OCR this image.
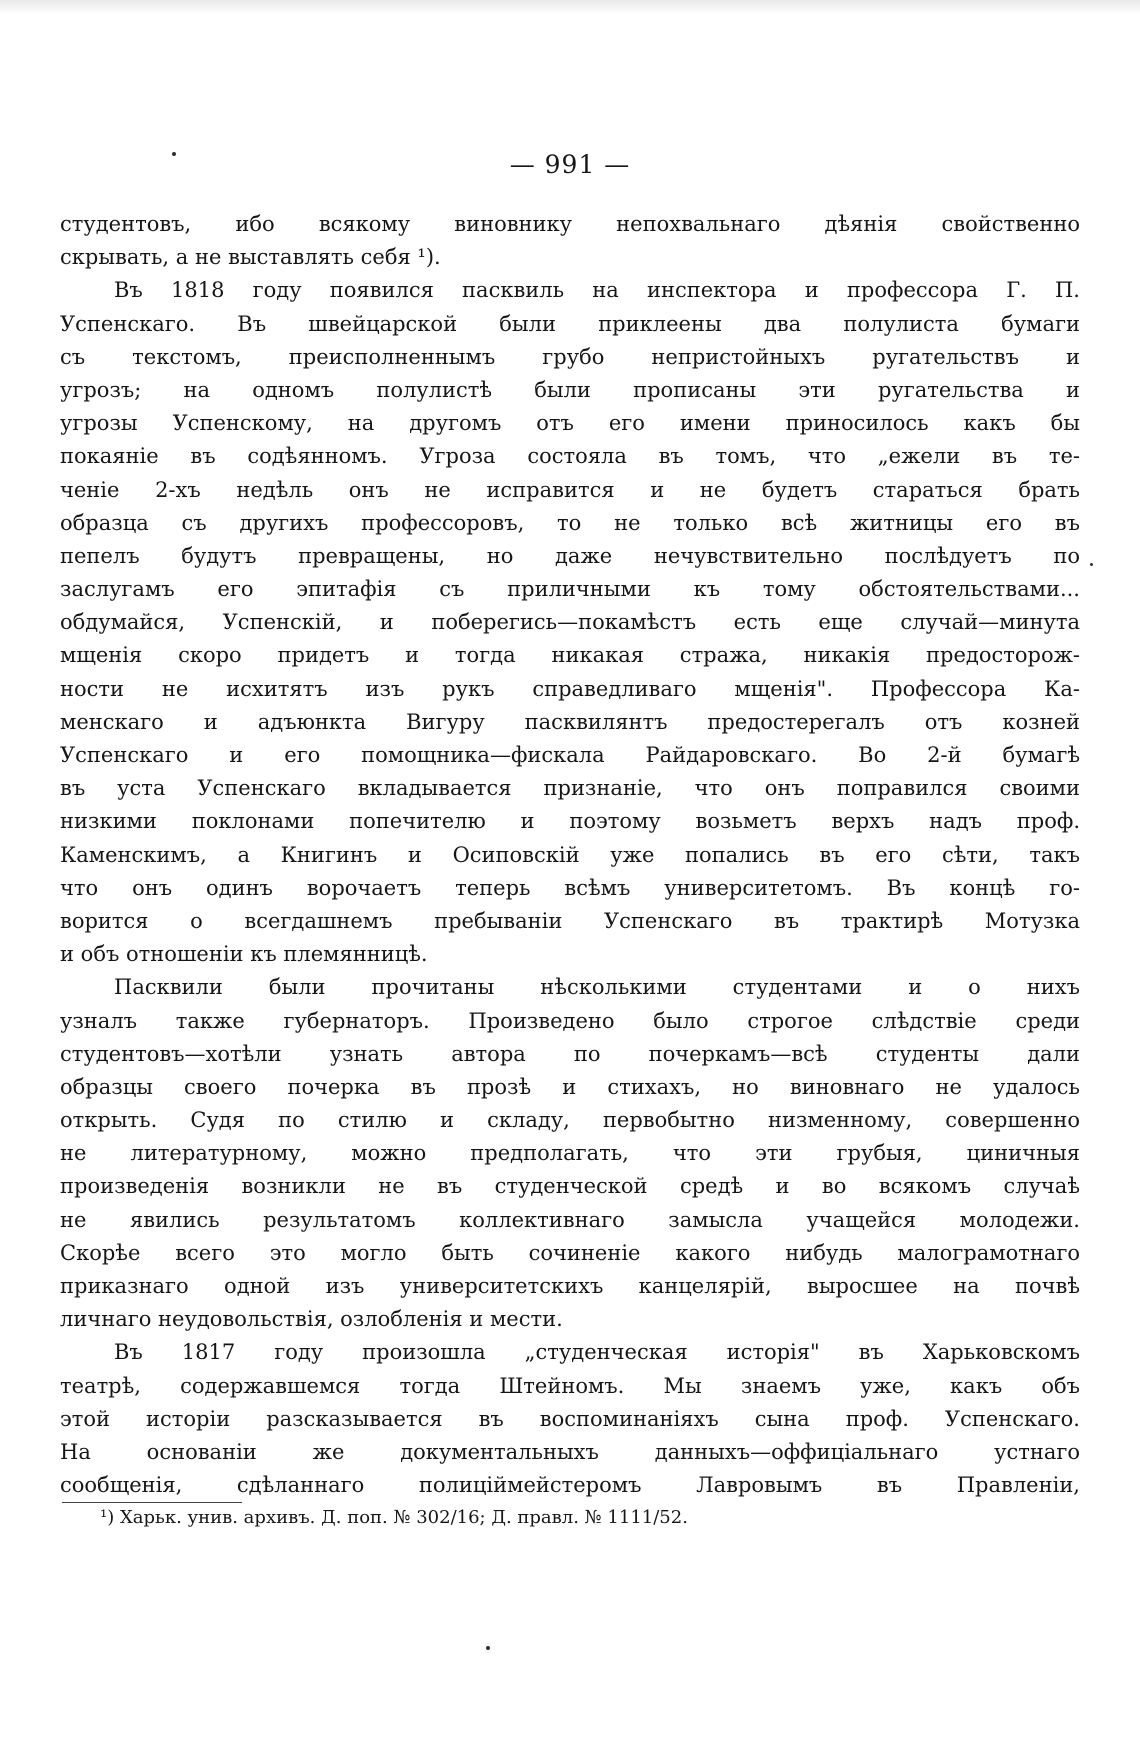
— 991 —
студентовъ, ибо всякому виновнику непохвальнаго дѣянія свойственно
скрывать, а не выставлять себя ¹).
Въ 1818 году появился пасквиль на инспектора и профессора Г. П.
Успенскаго. Въ швейцарской были приклеены два полулиста бумаги
съ текстомъ, преисполненнымъ грубо непристойныхъ ругательствъ и
угрозъ; на одномъ полулистѣ были прописаны эти ругательства и
угрозы Успенскому, на другомъ отъ его имени приносилось какъ бы
покаяніе въ содѣянномъ. Угроза состояла въ томъ, что „ежели въ те-
ченіе 2-хъ недѣль онъ не исправится и не будетъ стараться брать
образца съ другихъ профессоровъ, то не только всѣ житницы его въ
пепелъ будутъ превращены, но даже нечувствительно послѣдуетъ по
заслугамъ его эпитафія съ приличными къ тому обстоятельствами...
обдумайся, Успенскій, и поберегись—покамѣстъ есть еще случай—минута
мщенія скоро придетъ и тогда никакая стража, никакія предосторож-
ности не исхитятъ изъ рукъ справедливаго мщенія". Профессора Ка-
менскаго и адъюнкта Вигуру пасквилянтъ предостерегалъ отъ козней
Успенскаго и его помощника—фискала Райдаровскаго. Во 2-й бумагѣ
въ уста Успенскаго вкладывается признаніе, что онъ поправился своими
низкими поклонами попечителю и поэтому возьметъ верхъ надъ проф.
Каменскимъ, а Книгинъ и Осиповскій уже попались въ его сѣти, такъ
что онъ одинъ ворочаетъ теперь всѣмъ университетомъ. Въ концѣ го-
ворится о всегдашнемъ пребываніи Успенскаго въ трактирѣ Мотузка
и объ отношеніи къ племянницѣ.
Пасквили были прочитаны нѣсколькими студентами и о нихъ
узналъ также губернаторъ. Произведено было строгое слѣдствіе среди
студентовъ—хотѣли узнать автора по почеркамъ—всѣ студенты дали
образцы своего почерка въ прозѣ и стихахъ, но виновнаго не удалось
открыть. Судя по стилю и складу, первобытно низменному, совершенно
не литературному, можно предполагать, что эти грубыя, циничныя
произведенія возникли не въ студенческой средѣ и во всякомъ случаѣ
не явились результатомъ коллективнаго замысла учащейся молодежи.
Скорѣе всего это могло быть сочиненіе какого нибудь малограмотнаго
приказнаго одной изъ университетскихъ канцелярій, выросшее на почвѣ
личнаго неудовольствія, озлобленія и мести.
Въ 1817 году произошла „студенческая исторія" въ Харьковскомъ
театрѣ, содержавшемся тогда Штейномъ. Мы знаемъ уже, какъ объ
этой исторіи разсказывается въ воспоминаніяхъ сына проф. Успенскаго.
На основаніи же документальныхъ данныхъ—оффиціальнаго устнаго
сообщенія, сдѣланнаго полиціймейстеромъ Лавровымъ въ Правленіи,
¹) Харьк. унив. архивъ. Д. поп. № 302/16; Д. правл. № 1111/52.
